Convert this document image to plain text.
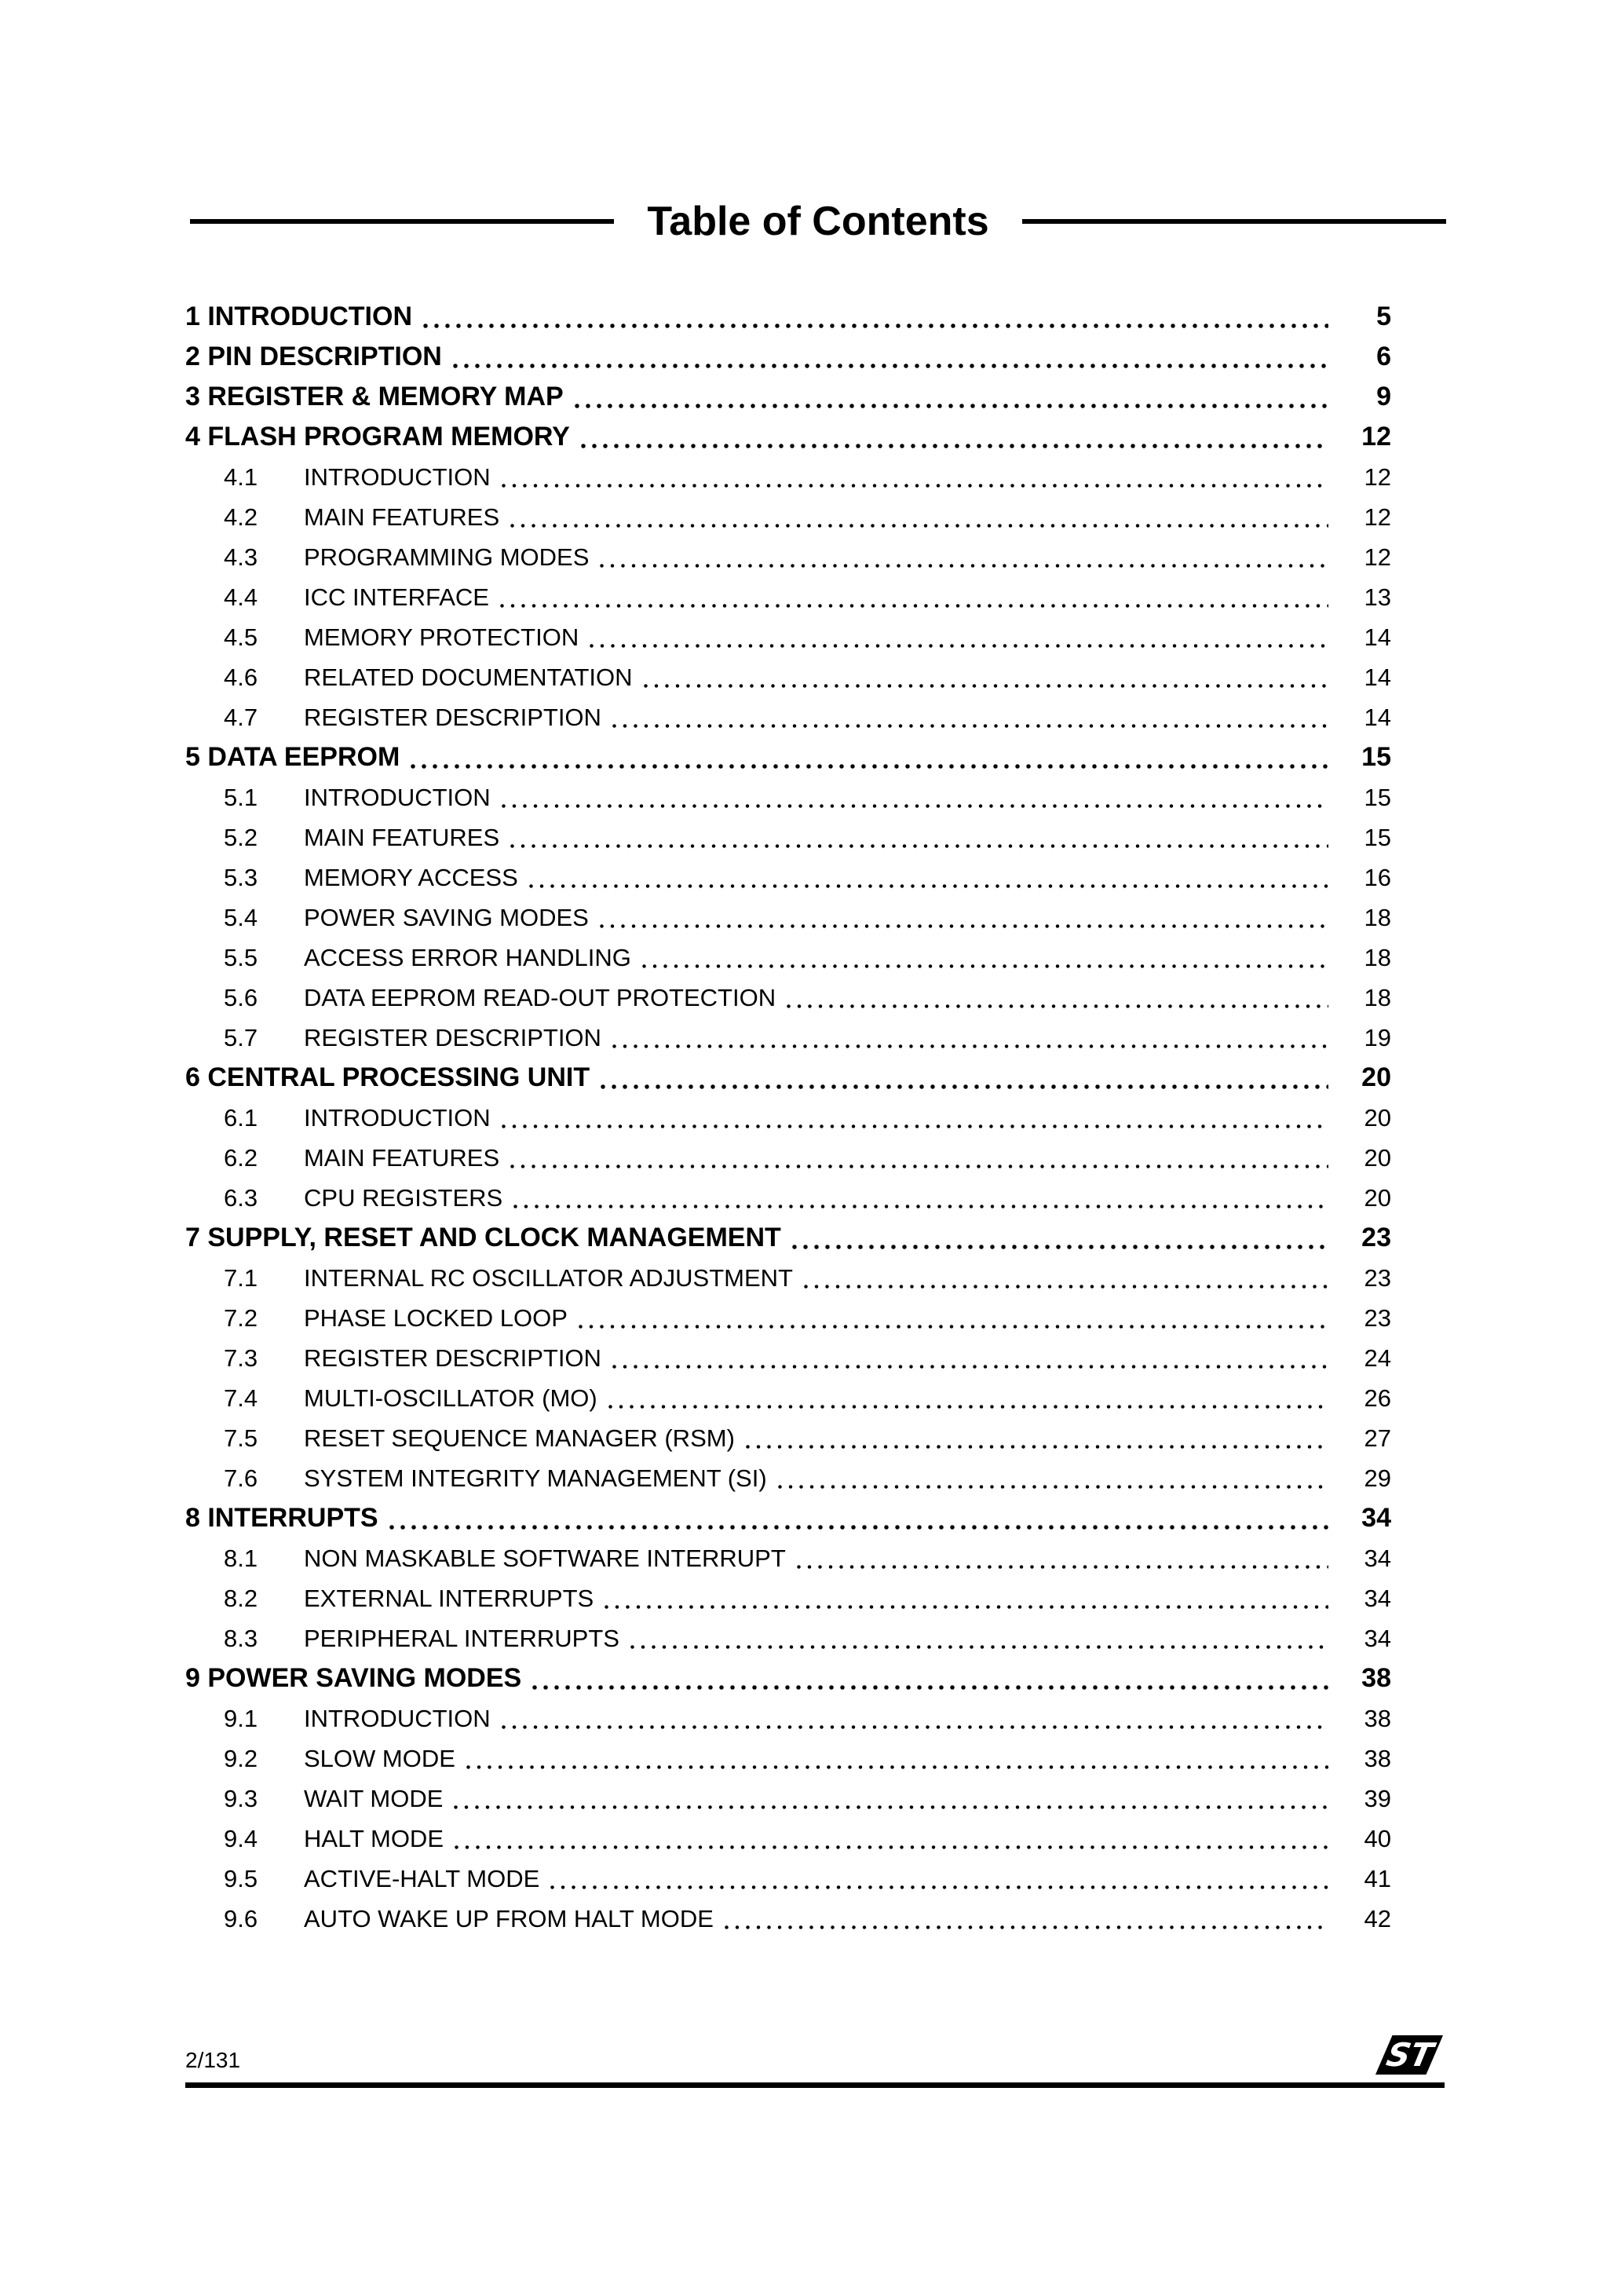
Table of Contents
1 INTRODUCTION	5
2 PIN DESCRIPTION	6
3 REGISTER & MEMORY MAP	9
4 FLASH PROGRAM MEMORY	12
4.1	INTRODUCTION	12
4.2	MAIN FEATURES	12
4.3	PROGRAMMING MODES	12
4.4	ICC INTERFACE	13
4.5	MEMORY PROTECTION	14
4.6	RELATED DOCUMENTATION	14
4.7	REGISTER DESCRIPTION	14
5 DATA EEPROM	15
5.1	INTRODUCTION	15
5.2	MAIN FEATURES	15
5.3	MEMORY ACCESS	16
5.4	POWER SAVING MODES	18
5.5	ACCESS ERROR HANDLING	18
5.6	DATA EEPROM READ-OUT PROTECTION	18
5.7	REGISTER DESCRIPTION	19
6 CENTRAL PROCESSING UNIT	20
6.1	INTRODUCTION	20
6.2	MAIN FEATURES	20
6.3	CPU REGISTERS	20
7 SUPPLY, RESET AND CLOCK MANAGEMENT	23
7.1	INTERNAL RC OSCILLATOR ADJUSTMENT	23
7.2	PHASE LOCKED LOOP	23
7.3	REGISTER DESCRIPTION	24
7.4	MULTI-OSCILLATOR (MO)	26
7.5	RESET SEQUENCE MANAGER (RSM)	27
7.6	SYSTEM INTEGRITY MANAGEMENT (SI)	29
8 INTERRUPTS	34
8.1	NON MASKABLE SOFTWARE INTERRUPT	34
8.2	EXTERNAL INTERRUPTS	34
8.3	PERIPHERAL INTERRUPTS	34
9 POWER SAVING MODES	38
9.1	INTRODUCTION	38
9.2	SLOW MODE	38
9.3	WAIT MODE	39
9.4	HALT MODE	40
9.5	ACTIVE-HALT MODE	41
9.6	AUTO WAKE UP FROM HALT MODE	42
2/131	ST
